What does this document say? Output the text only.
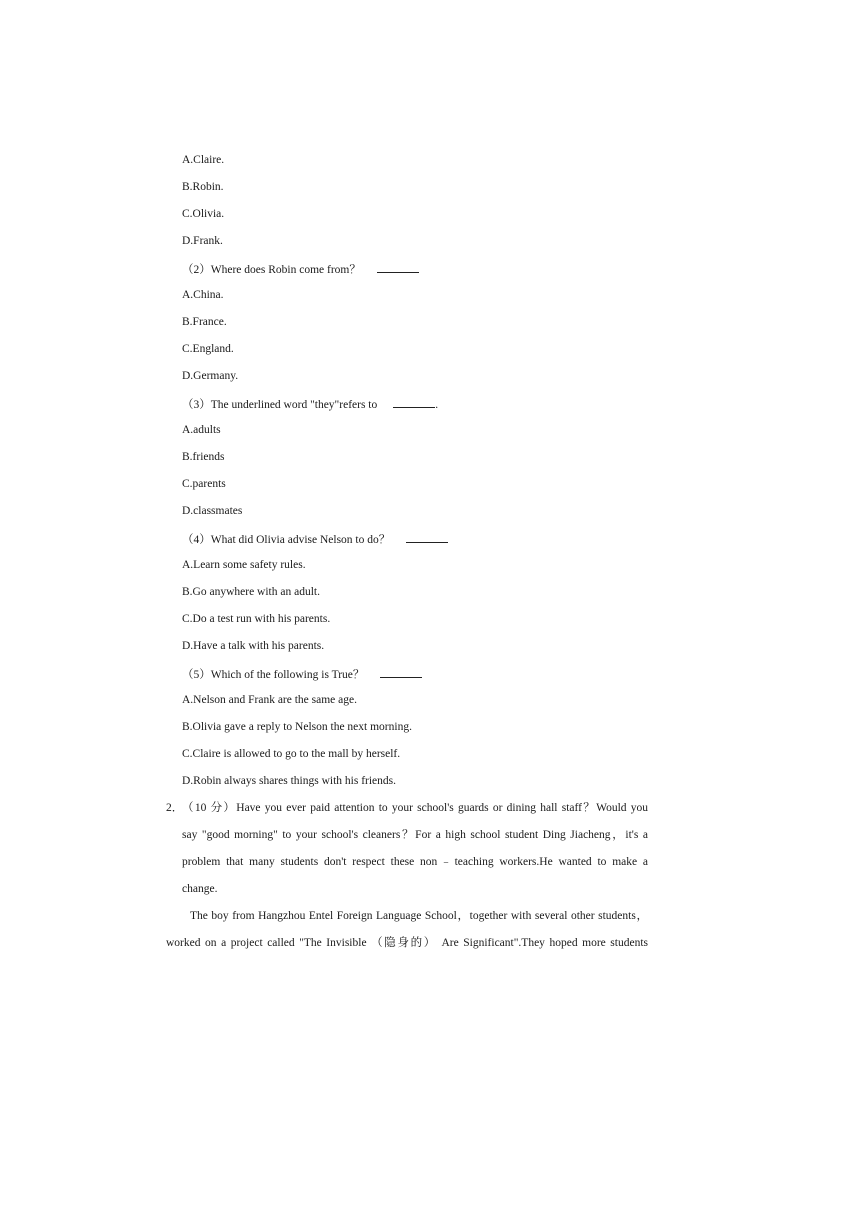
A.Claire.
B.Robin.
C.Olivia.
D.Frank.
（2）Where does Robin come from？
A.China.
B.France.
C.England.
D.Germany.
（3）The underlined word "they"refers to	.
A.adults
B.friends
C.parents
D.classmates
（4）What did Olivia advise Nelson to do？
A.Learn some safety rules.
B.Go anywhere with an adult.
C.Do a test run with his parents.
D.Have a talk with his parents.
（5）Which of the following is True？
A.Nelson and Frank are the same age.
B.Olivia gave a reply to Nelson the next morning.
C.Claire is allowed to go to the mall by herself.
D.Robin always shares things with his friends.
2．
（10 分）Have you ever paid attention to your school's guards or dining hall staff？Would you
say "good morning" to your school's cleaners？For a high school student Ding Jiacheng，it's a
problem that many students don't respect these non﹣teaching workers.He wanted to make a
change.
The boy from Hangzhou Entel Foreign Language School，together with several other students，
worked on a project called "The Invisible （隐身的） Are Significant".They hoped more students
